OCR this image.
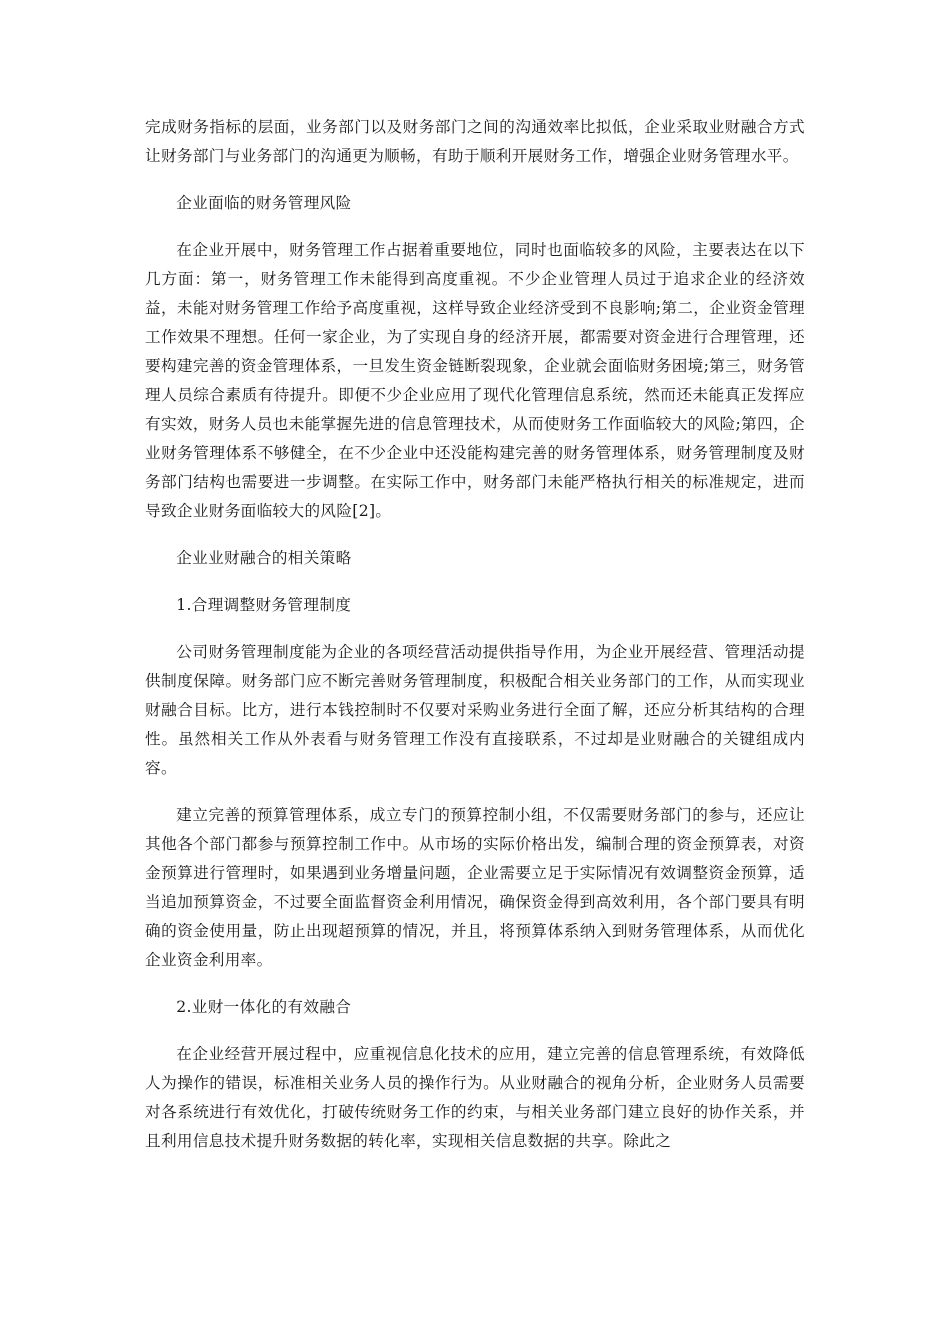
完成财务指标的层面，业务部门以及财务部门之间的沟通效率比拟低，企业采取业财融合方式让财务部门与业务部门的沟通更为顺畅，有助于顺利开展财务工作，增强企业财务管理水平。

企业面临的财务管理风险

在企业开展中，财务管理工作占据着重要地位，同时也面临较多的风险，主要表达在以下几方面：第一，财务管理工作未能得到高度重视。不少企业管理人员过于追求企业的经济效益，未能对财务管理工作给予高度重视，这样导致企业经济受到不良影响;第二，企业资金管理工作效果不理想。任何一家企业，为了实现自身的经济开展，都需要对资金进行合理管理，还要构建完善的资金管理体系，一旦发生资金链断裂现象，企业就会面临财务困境;第三，财务管理人员综合素质有待提升。即便不少企业应用了现代化管理信息系统，然而还未能真正发挥应有实效，财务人员也未能掌握先进的信息管理技术，从而使财务工作面临较大的风险;第四，企业财务管理体系不够健全，在不少企业中还没能构建完善的财务管理体系，财务管理制度及财务部门结构也需要进一步调整。在实际工作中，财务部门未能严格执行相关的标准规定，进而导致企业财务面临较大的风险[2]。

企业业财融合的相关策略

1.合理调整财务管理制度

公司财务管理制度能为企业的各项经营活动提供指导作用，为企业开展经营、管理活动提供制度保障。财务部门应不断完善财务管理制度，积极配合相关业务部门的工作，从而实现业财融合目标。比方，进行本钱控制时不仅要对采购业务进行全面了解，还应分析其结构的合理性。虽然相关工作从外表看与财务管理工作没有直接联系，不过却是业财融合的关键组成内容。

建立完善的预算管理体系，成立专门的预算控制小组，不仅需要财务部门的参与，还应让其他各个部门都参与预算控制工作中。从市场的实际价格出发，编制合理的资金预算表，对资金预算进行管理时，如果遇到业务增量问题，企业需要立足于实际情况有效调整资金预算，适当追加预算资金，不过要全面监督资金利用情况，确保资金得到高效利用，各个部门要具有明确的资金使用量，防止出现超预算的情况，并且，将预算体系纳入到财务管理体系，从而优化企业资金利用率。

2.业财一体化的有效融合

在企业经营开展过程中，应重视信息化技术的应用，建立完善的信息管理系统，有效降低人为操作的错误，标准相关业务人员的操作行为。从业财融合的视角分析，企业财务人员需要对各系统进行有效优化，打破传统财务工作的约束，与相关业务部门建立良好的协作关系，并且利用信息技术提升财务数据的转化率，实现相关信息数据的共享。除此之
